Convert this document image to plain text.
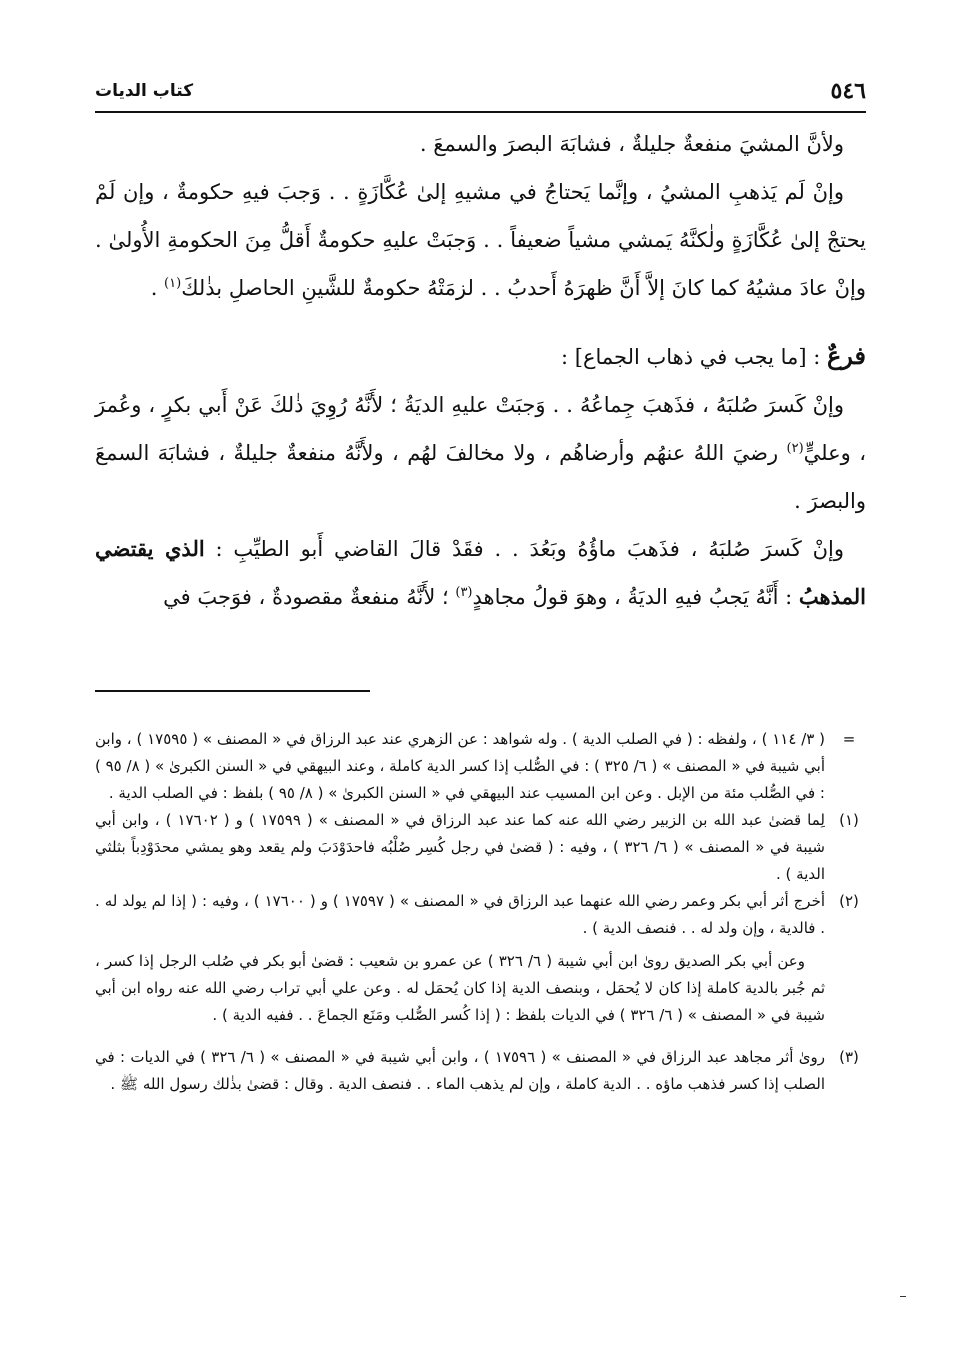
٥٤٦
كتاب الديات

ولأنَّ المشيَ منفعةٌ جليلةٌ ، فشابَهَ البصرَ والسمعَ .

وإنْ لَم يَذهبِ المشيُ ، وإنَّما يَحتاجُ في مشيهِ إلىٰ عُكَّازَةٍ . . وَجبَ فيهِ حكومةٌ ، وإن لَمْ يحتجْ إلىٰ عُكَّازَةٍ ولٰكنَّهُ يَمشي مشياً ضعيفاً . . وَجبَتْ عليهِ حكومةٌ أَقلُّ مِنَ الحكومةِ الأُولىٰ . وإنْ عادَ مشيُهُ كما كانَ إلاَّ أَنَّ ظهرَهُ أَحدبُ . . لزمَتْهُ حكومةٌ للشَّينِ الحاصلِ بذٰلكَ$^{(١)}$ .

فرعٌ : [ما يجب في ذهاب الجماع] :

وإنْ كَسرَ صُلبَهُ ، فذَهبَ جِماعُهُ . . وَجبَتْ عليهِ الديَةُ ؛ لأَنَّهُ رُوِيَ ذٰلكَ عَنْ أَبي بكرٍ ، وعُمرَ ، وعليٍّ$^{(٢)}$ رضيَ اللهُ عنهُم وأرضاهُم ، ولا مخالفَ لهُم ، ولأَنَّهُ منفعةٌ جليلةٌ ، فشابَهَ السمعَ والبصرَ .

وإنْ كَسرَ صُلبَهُ ، فذَهبَ ماؤُهُ وبَعُدَ . . فقَدْ قالَ القاضي أَبو الطيِّبِ : الذي يقتضي المذهبُ : أَنَّهُ يَجبُ فيهِ الديَةُ ، وهوَ قولُ مجاهدٍ$^{(٣)}$ ؛ لأَنَّهُ منفعةٌ مقصودةٌ ، فوَجبَ في

=
( ٣/ ١١٤ ) ، ولفظه : ( في الصلب الدية ) . وله شواهد : عن الزهري عند عبد الرزاق في « المصنف » ( ١٧٥٩٥ ) ، وابن أبي شيبة في « المصنف » ( ٦/ ٣٢٥ ) : في الصُّلب إذا كسر الدية كاملة ، وعند البيهقي في « السنن الكبرىٰ » ( ٨/ ٩٥ ) : في الصُّلب مئة من الإبل . وعن ابن المسيب عند البيهقي في « السنن الكبرىٰ » ( ٨/ ٩٥ ) بلفظ : في الصلب الدية .
(١)
لِما قضىٰ عبد الله بن الزبير رضي الله عنه كما عند عبد الرزاق في « المصنف » ( ١٧٥٩٩ ) و ( ١٧٦٠٢ ) ، وابن أبي شيبة في « المصنف » ( ٦/ ٣٢٦ ) ، وفيه : ( قضىٰ في رجل كُسِر صُلْبُه فاحدَوْدَبَ ولم يقعد وهو يمشي محدَوْدِباً بثلثي الدية ) .
(٢)
أخرج أثر أبي بكر وعمر رضي الله عنهما عبد الرزاق في « المصنف » ( ١٧٥٩٧ ) و ( ١٧٦٠٠ ) ، وفيه : ( إذا لم يولد له . . فالدية ، وإن ولد له . . فنصف الدية ) .

وعن أبي بكر الصديق روىٰ ابن أبي شيبة ( ٦/ ٣٢٦ ) عن عمرو بن شعيب : قضىٰ أبو بكر في صُلب الرجل إذا كسر ، ثم جُبر بالدية كاملة إذا كان لا يُحمَل ، وبنصف الدية إذا كان يُحمَل له . وعن علي أبي تراب رضي الله عنه رواه ابن أبي شيبة في « المصنف » ( ٦/ ٣٢٦ ) في الديات بلفظ : ( إذا كُسر الصُّلب ومَنَع الجماعَ . . ففيه الدية ) .

(٣)
روىٰ أثر مجاهد عبد الرزاق في « المصنف » ( ١٧٥٩٦ ) ، وابن أبي شيبة في « المصنف » ( ٦/ ٣٢٦ ) في الديات : في الصلب إذا كسر فذهب ماؤه . . الدية كاملة ، وإن لم يذهب الماء . . فنصف الدية . وقال : قضىٰ بذٰلك رسول الله ﷺ .
